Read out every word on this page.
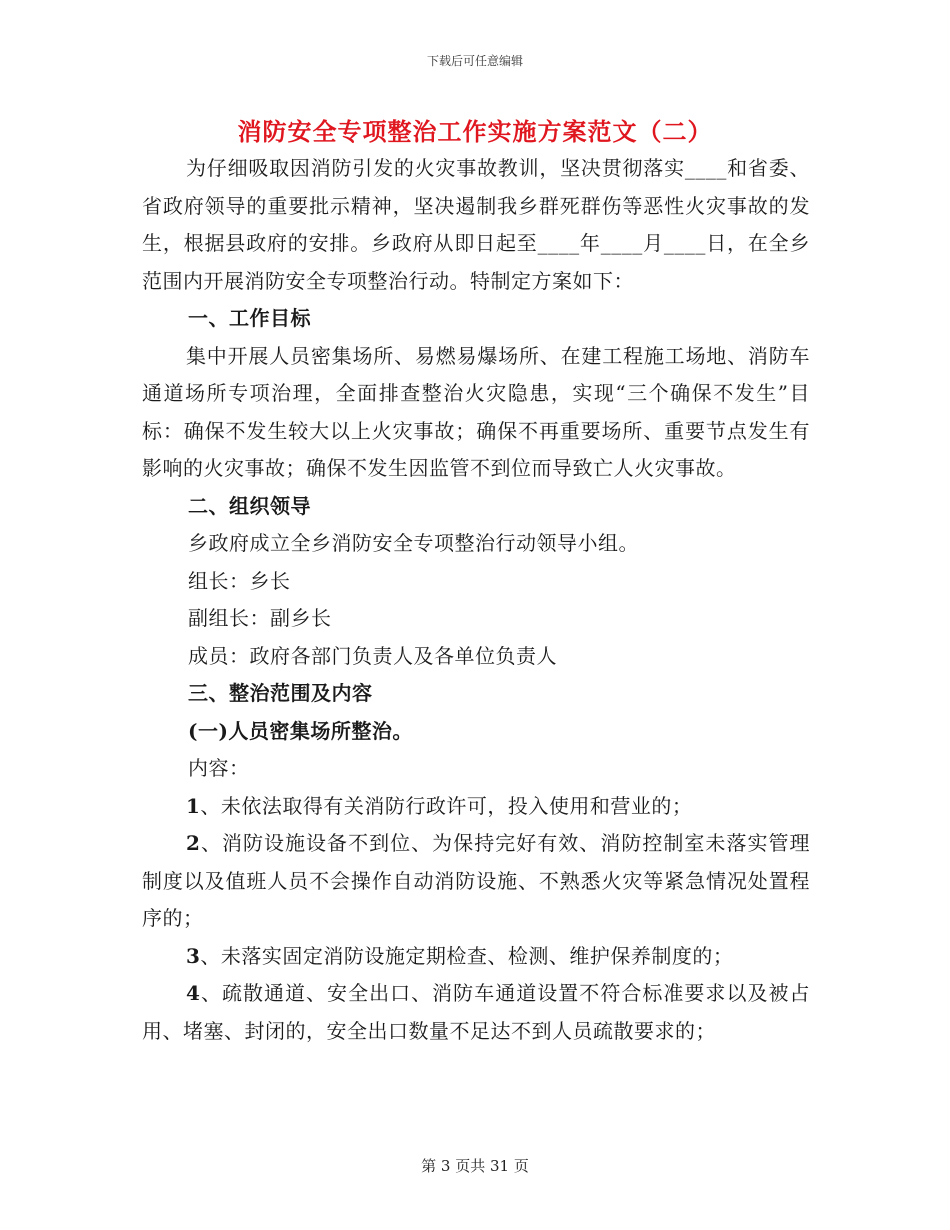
下载后可任意编辑
消防安全专项整治工作实施方案范文（二）

为仔细吸取因消防引发的火灾事故教训，坚决贯彻落实____和省委、省政府领导的重要批示精神，坚决遏制我乡群死群伤等恶性火灾事故的发生，根据县政府的安排。乡政府从即日起至____年____月____日，在全乡范围内开展消防安全专项整治行动。特制定方案如下：

一、工作目标

集中开展人员密集场所、易燃易爆场所、在建工程施工场地、消防车通道场所专项治理，全面排查整治火灾隐患，实现“三个确保不发生”目标：确保不发生较大以上火灾事故；确保不再重要场所、重要节点发生有影响的火灾事故；确保不发生因监管不到位而导致亡人火灾事故。

二、组织领导

乡政府成立全乡消防安全专项整治行动领导小组。

组长：乡长

副组长：副乡长

成员：政府各部门负责人及各单位负责人

三、整治范围及内容

(一)人员密集场所整治。

内容：

1、未依法取得有关消防行政许可，投入使用和营业的；

2、消防设施设备不到位、为保持完好有效、消防控制室未落实管理制度以及值班人员不会操作自动消防设施、不熟悉火灾等紧急情况处置程序的；

3、未落实固定消防设施定期检查、检测、维护保养制度的；

4、疏散通道、安全出口、消防车通道设置不符合标准要求以及被占用、堵塞、封闭的，安全出口数量不足达不到人员疏散要求的；

第 3 页共 31 页
